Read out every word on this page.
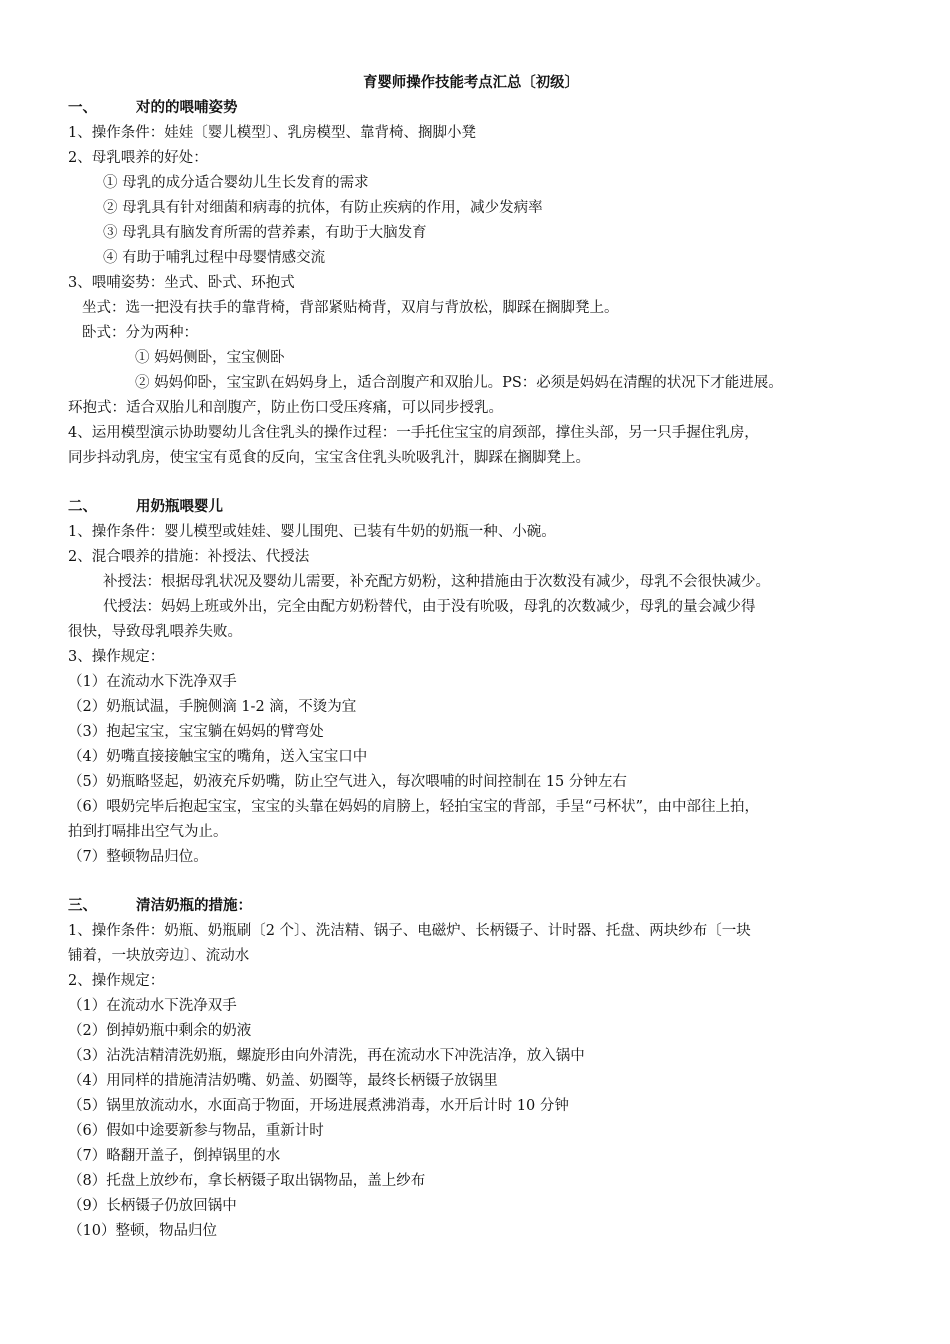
育婴师操作技能考点汇总〔初级〕
一、	对的的喂哺姿势
1、操作条件：娃娃〔婴儿模型〕、乳房模型、靠背椅、搁脚小凳
2、母乳喂养的好处：
① 母乳的成分适合婴幼儿生长发育的需求
② 母乳具有针对细菌和病毒的抗体，有防止疾病的作用，减少发病率
③ 母乳具有脑发育所需的营养素，有助于大脑发育
④ 有助于哺乳过程中母婴情感交流
3、喂哺姿势：坐式、卧式、环抱式
坐式：选一把没有扶手的靠背椅，背部紧贴椅背，双肩与背放松，脚踩在搁脚凳上。
卧式：分为两种：
① 妈妈侧卧，宝宝侧卧
② 妈妈仰卧，宝宝趴在妈妈身上，适合剖腹产和双胎儿。PS：必须是妈妈在清醒的状况下才能进展。
环抱式：适合双胎儿和剖腹产，防止伤口受压疼痛，可以同步授乳。
4、运用模型演示协助婴幼儿含住乳头的操作过程：一手托住宝宝的肩颈部，撑住头部，另一只手握住乳房，
同步抖动乳房，使宝宝有觅食的反向，宝宝含住乳头吮吸乳汁，脚踩在搁脚凳上。
二、	用奶瓶喂婴儿
1、操作条件：婴儿模型或娃娃、婴儿围兜、已装有牛奶的奶瓶一种、小碗。
2、混合喂养的措施：补授法、代授法
补授法：根据母乳状况及婴幼儿需要，补充配方奶粉，这种措施由于次数没有减少，母乳不会很快减少。
代授法：妈妈上班或外出，完全由配方奶粉替代，由于没有吮吸，母乳的次数减少，母乳的量会减少得
很快，导致母乳喂养失败。
3、操作规定：
（1）在流动水下洗净双手
（2）奶瓶试温，手腕侧滴 1-2 滴，不烫为宜
（3）抱起宝宝，宝宝躺在妈妈的臂弯处
（4）奶嘴直接接触宝宝的嘴角，送入宝宝口中
（5）奶瓶略竖起，奶液充斥奶嘴，防止空气进入，每次喂哺的时间控制在 15 分钟左右
（6）喂奶完毕后抱起宝宝，宝宝的头靠在妈妈的肩膀上，轻拍宝宝的背部，手呈“弓杯状”，由中部往上拍，
拍到打嗝排出空气为止。
（7）整顿物品归位。
三、	清洁奶瓶的措施：
1、操作条件：奶瓶、奶瓶刷〔2 个〕、洗洁精、锅子、电磁炉、长柄镊子、计时器、托盘、两块纱布〔一块
铺着，一块放旁边〕、流动水
2、操作规定：
（1）在流动水下洗净双手
（2）倒掉奶瓶中剩余的奶液
（3）沾洗洁精清洗奶瓶，螺旋形由向外清洗，再在流动水下冲洗洁净，放入锅中
（4）用同样的措施清洁奶嘴、奶盖、奶圈等，最终长柄镊子放锅里
（5）锅里放流动水，水面高于物面，开场进展煮沸消毒，水开后计时 10 分钟
（6）假如中途要新参与物品，重新计时
（7）略翻开盖子，倒掉锅里的水
（8）托盘上放纱布，拿长柄镊子取出锅物品，盖上纱布
（9）长柄镊子仍放回锅中
（10）整顿，物品归位
